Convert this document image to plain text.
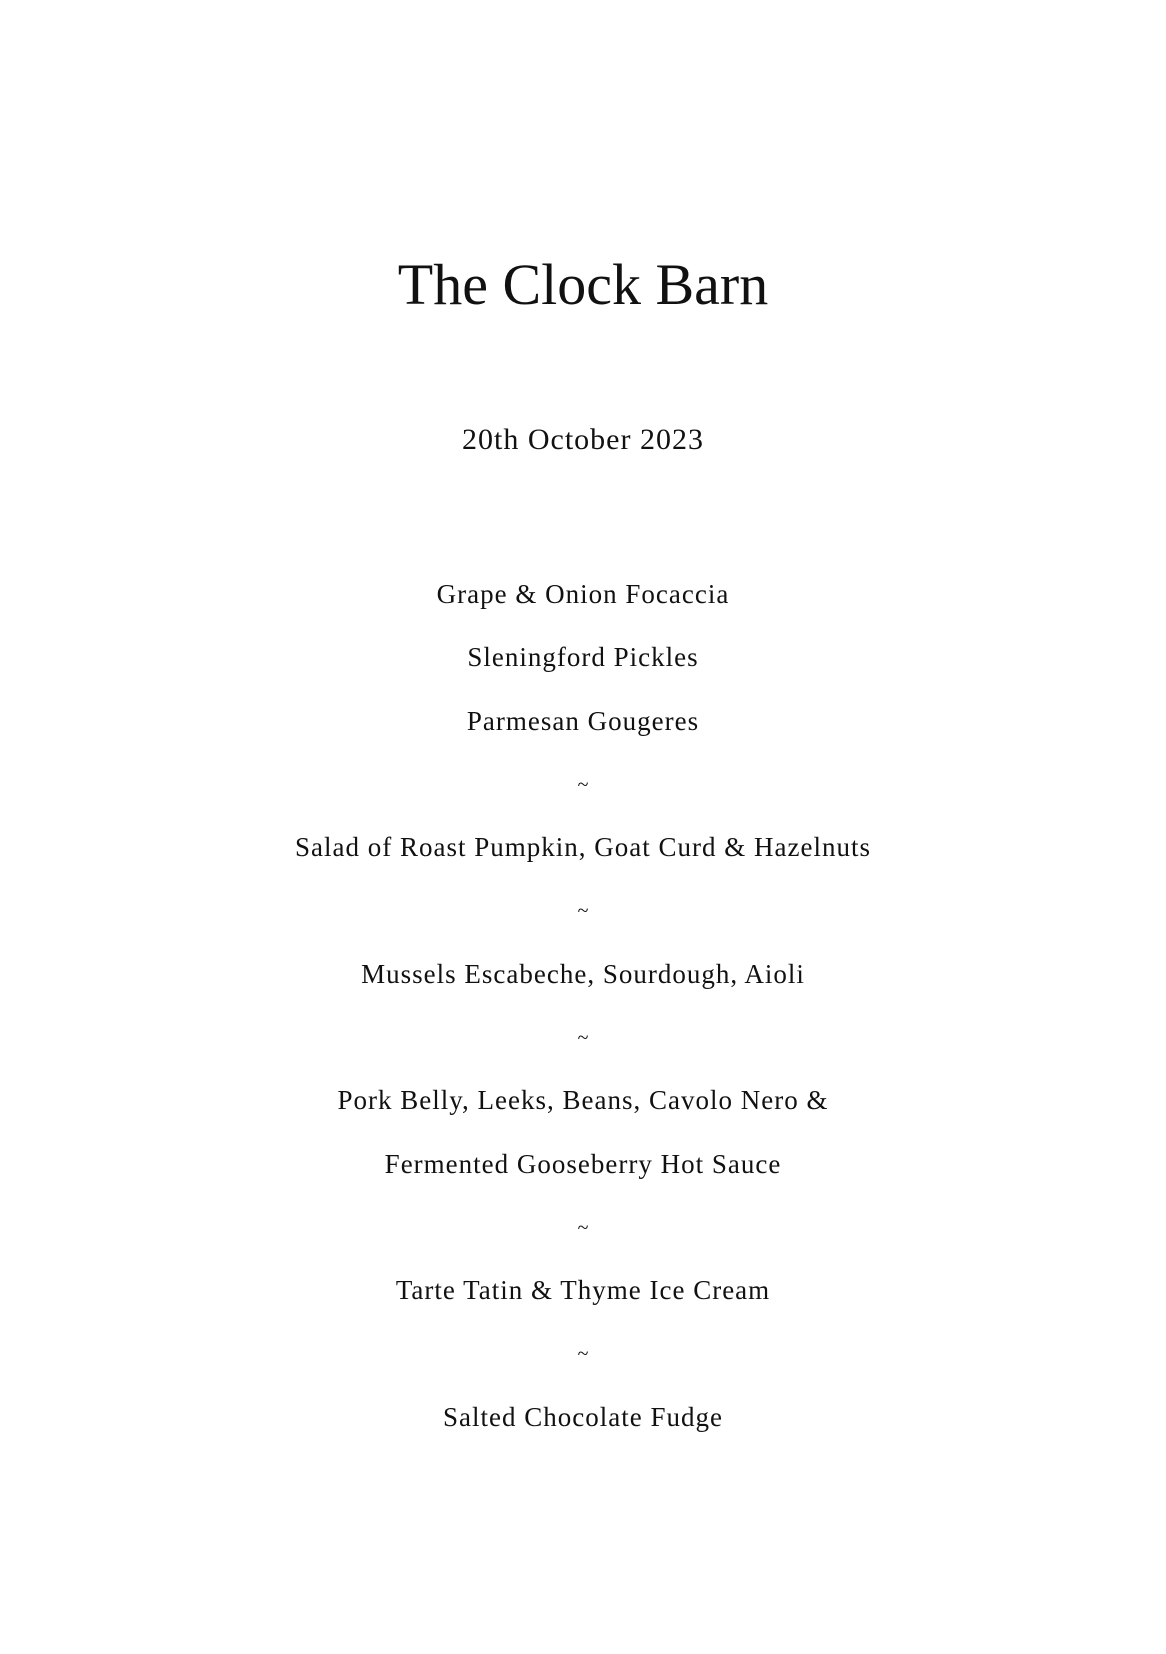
The Clock Barn
20th October 2023
Grape & Onion Focaccia
Sleningford Pickles
Parmesan Gougeres
~
Salad of Roast Pumpkin, Goat Curd & Hazelnuts
~
Mussels Escabeche, Sourdough, Aioli
~
Pork Belly, Leeks, Beans, Cavolo Nero &
Fermented Gooseberry Hot Sauce
~
Tarte Tatin & Thyme Ice Cream
~
Salted Chocolate Fudge
